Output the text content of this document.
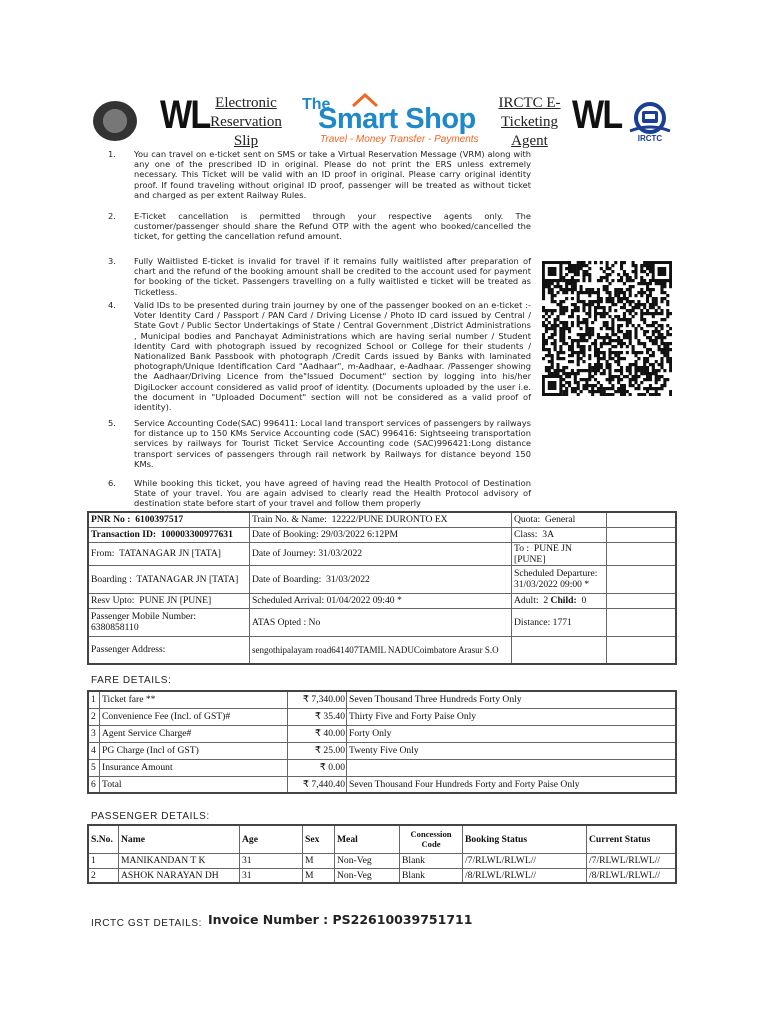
WL Electronic Reservation Slip
The
Smart Shop
Travel - Money Transfer - Payments
IRCTC E-Ticketing Agent
WL
IRCTC
1.	You can travel on e-ticket sent on SMS or take a Virtual Reservation Message (VRM) along with any one of the prescribed ID in original. Please do not print the ERS unless extremely necessary. This Ticket will be valid with an ID proof in original. Please carry original identity proof. If found traveling without original ID proof, passenger will be treated as without ticket and charged as per extent Railway Rules.
2.	E-Ticket cancellation is permitted through your respective agents only. The customer/passenger should share the Refund OTP with the agent who booked/cancelled the ticket, for getting the cancellation refund amount.
3.	Fully Waitlisted E-ticket is invalid for travel if it remains fully waitlisted after preparation of chart and the refund of the booking amount shall be credited to the account used for payment for booking of the ticket. Passengers travelling on a fully waitlisted e ticket will be treated as Ticketless.
4.	Valid IDs to be presented during train journey by one of the passenger booked on an e-ticket :- Voter Identity Card / Passport / PAN Card / Driving License / Photo ID card issued by Central / State Govt / Public Sector Undertakings of State / Central Government ,District Administrations , Municipal bodies and Panchayat Administrations which are having serial number / Student Identity Card with photograph issued by recognized School or College for their students / Nationalized Bank Passbook with photograph /Credit Cards issued by Banks with laminated photograph/Unique Identification Card "Aadhaar", m-Aadhaar, e-Aadhaar. /Passenger showing the Aadhaar/Driving Licence from the"Issued Document" section by logging into his/her DigiLocker account considered as valid proof of identity. (Documents uploaded by the user i.e. the document in "Uploaded Document" section will not be considered as a valid proof of identity).
5.	Service Accounting Code(SAC) 996411: Local land transport services of passengers by railways for distance up to 150 KMs Service Accounting code (SAC) 996416: Sightseeing transportation services by railways for Tourist Ticket Service Accounting code (SAC)996421:Long distance transport services of passengers through rail network by Railways for distance beyond 150 KMs.
6.	While booking this ticket, you have agreed of having read the Health Protocol of Destination State of your travel. You are again advised to clearly read the Health Protocol advisory of destination state before start of your travel and follow them properly
PNR No : 6100397517	Train No. & Name: 12222/PUNE DURONTO EX	Quota: General	
Transaction ID: 100003300977631	Date of Booking: 29/03/2022 6:12PM	Class: 3A	
From: TATANAGAR JN [TATA]	Date of Journey: 31/03/2022	To : PUNE JN [PUNE]	
Boarding : TATANAGAR JN [TATA]	Date of Boarding: 31/03/2022	Scheduled Departure:   31/03/2022 09:00 *	
Resv Upto: PUNE JN [PUNE]	Scheduled Arrival: 01/04/2022 09:40 *	Adult: 2 Child: 0	
Passenger Mobile Number:
6380858110	ATAS Opted : No	Distance: 1771	
Passenger Address:	sengothipalayam road641407TAMIL NADUCoimbatore Arasur S.O		
FARE DETAILS:
1	Ticket fare **	₹ 7,340.00	Seven Thousand Three Hundreds Forty Only
2	Convenience Fee (Incl. of GST)#	₹ 35.40	Thirty Five and Forty Paise Only
3	Agent Service Charge#	₹ 40.00	Forty Only
4	PG Charge (Incl of GST)	₹ 25.00	Twenty Five Only
5	Insurance Amount	₹ 0.00	
6	Total	₹ 7,440.40	Seven Thousand Four Hundreds Forty and Forty Paise Only
PASSENGER DETAILS:
S.No.	Name	Age	Sex	Meal	Concession Code	Booking Status	Current Status
1	MANIKANDAN T K	31	M	Non-Veg	Blank	/7/RLWL/RLWL//	/7/RLWL/RLWL//
2	ASHOK NARAYAN DH	31	M	Non-Veg	Blank	/8/RLWL/RLWL//	/8/RLWL/RLWL//
IRCTC GST DETAILS: Invoice Number : PS22610039751711
